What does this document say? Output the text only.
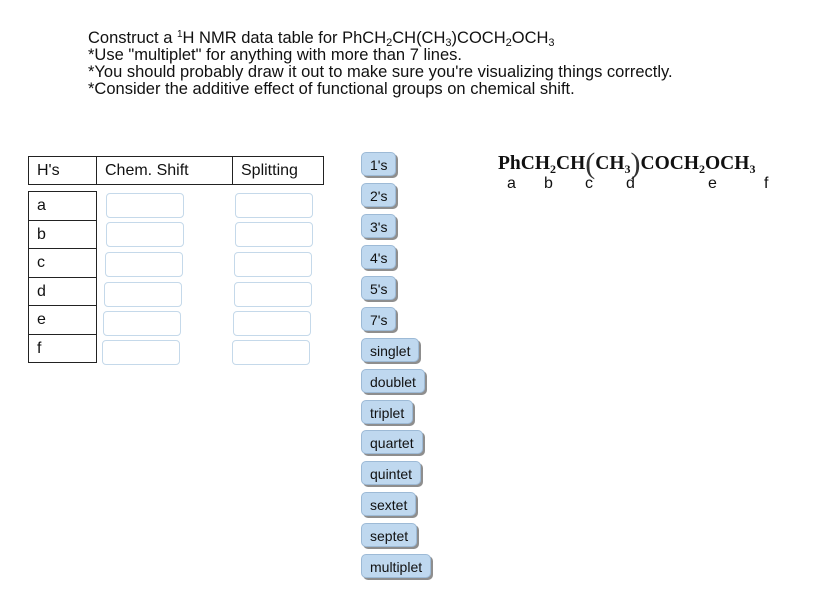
Construct a $^1$H NMR data table for $PhCH_2CH(CH_3)COCH_2OCH_3$
*Use "multiplet" for anything with more than 7 lines.
*You should probably draw it out to make sure you're visualizing things correctly.
*Consider the additive effect of functional groups on chemical shift.
H's	Chem. Shift	Splitting
a
b
c
d
e
f
1's
2's
3's
4's
5's
7's
singlet
doublet
triplet
quartet
quintet
sextet
septet
multiplet
$PhCH_2CH(CH_3)COCH_2OCH_3$
a b c d	e	f
